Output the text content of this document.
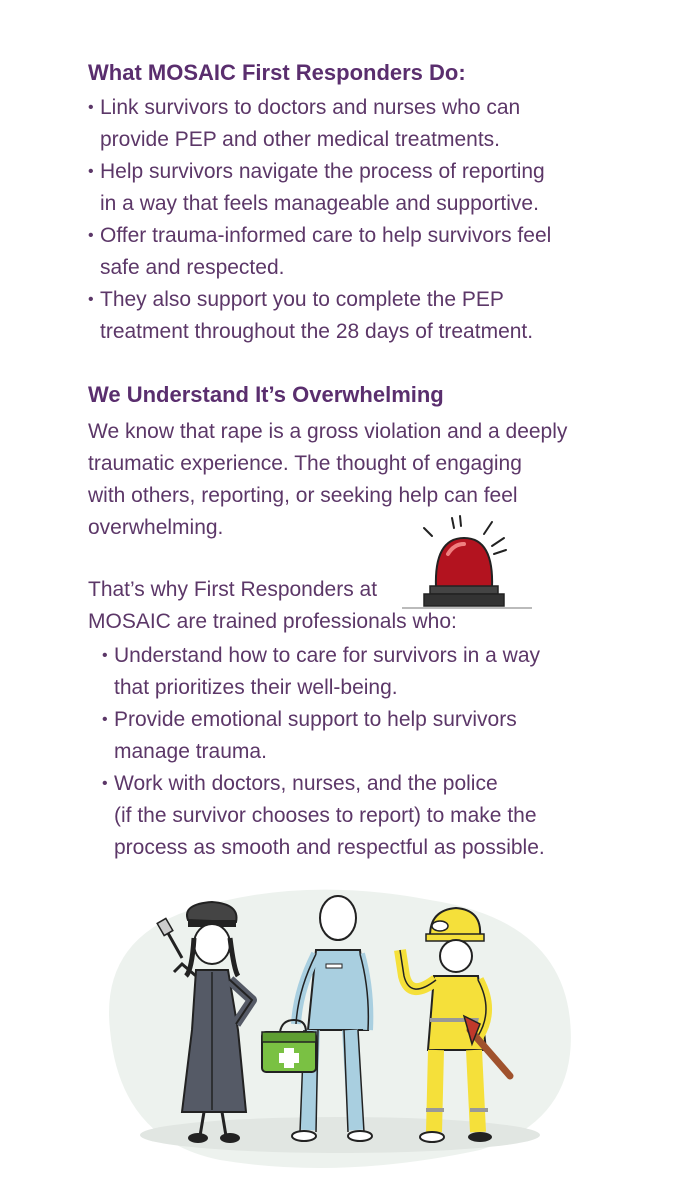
What MOSAIC First Responders Do:
• Link survivors to doctors and nurses who can
provide PEP and other medical treatments.
• Help survivors navigate the process of reporting
in a way that feels manageable and supportive.
• Offer trauma-informed care to help survivors feel
safe and respected.
• They also support you to complete the PEP
treatment throughout the 28 days of treatment.
We Understand It’s Overwhelming

We know that rape is a gross violation and a deeply
traumatic experience. The thought of engaging
with others, reporting, or seeking help can feel
overwhelming.

That’s why First Responders at
MOSAIC are trained professionals who:

• Understand how to care for survivors in a way
that prioritizes their well-being.
• Provide emotional support to help survivors
manage trauma.
• Work with doctors, nurses, and the police
(if the survivor chooses to report) to make the
process as smooth and respectful as possible.
